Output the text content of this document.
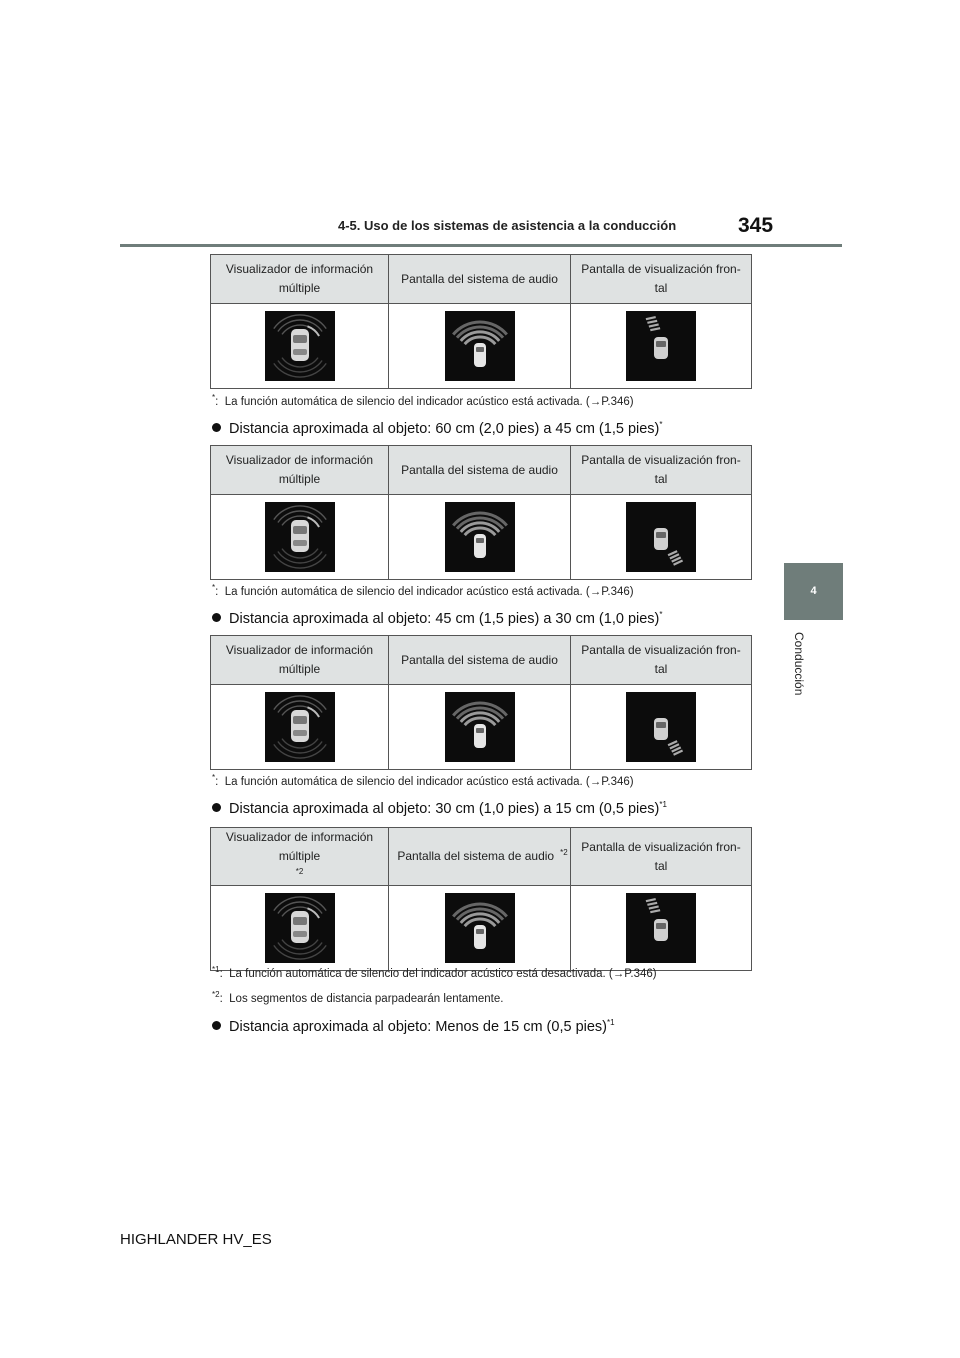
4-5. Uso de los sistemas de asistencia a la conducción	345
4
Conducción
Visualizador de información múltiple	Pantalla del sistema de audio	Pantalla de visualización fron- tal

*:  La función automática de silencio del indicador acústico está activada. (→P.346)
Distancia aproximada al objeto: 60 cm (2,0 pies) a 45 cm (1,5 pies)*
Visualizador de información múltiple	Pantalla del sistema de audio	Pantalla de visualización fron- tal

*:  La función automática de silencio del indicador acústico está activada. (→P.346)
Distancia aproximada al objeto: 45 cm (1,5 pies) a 30 cm (1,0 pies)*
Visualizador de información múltiple	Pantalla del sistema de audio	Pantalla de visualización fron- tal

*:  La función automática de silencio del indicador acústico está activada. (→P.346)
Distancia aproximada al objeto: 30 cm (1,0 pies) a 15 cm (0,5 pies)$^{*1}$
Visualizador de información múltiple$^{*2}$	Pantalla del sistema de audio $^{*2}$	Pantalla de visualización fron- tal

$^{*1}$:  La función automática de silencio del indicador acústico está desactivada. (→P.346)
$^{*2}$:  Los segmentos de distancia parpadearán lentamente.
Distancia aproximada al objeto: Menos de 15 cm (0,5 pies)$^{*1}$
HIGHLANDER HV_ES
